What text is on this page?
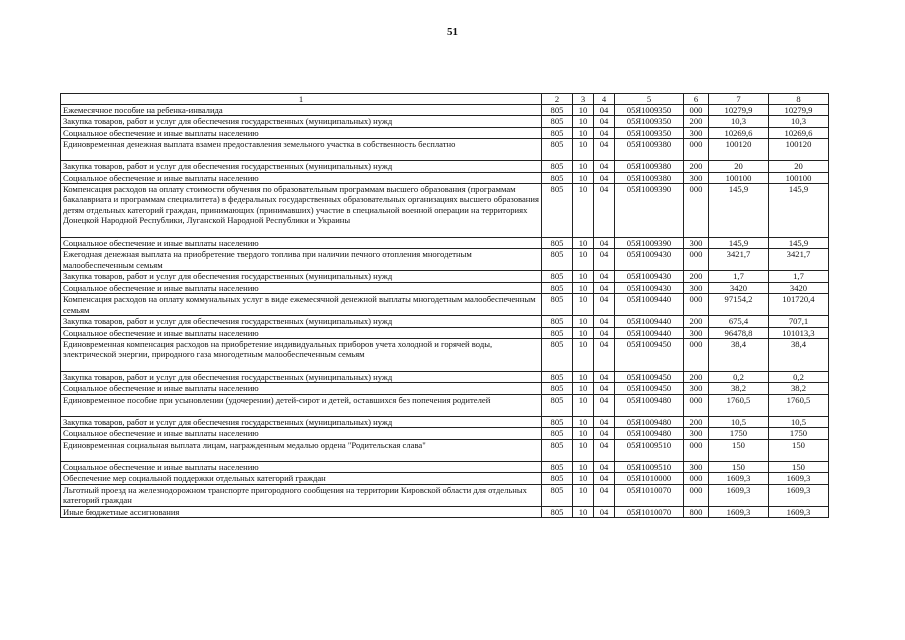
51
1	2	3	4	5	6	7	8
Ежемесячное пособие на ребенка-инвалида	805	10	04	05Я1009350	000	10279,9	10279,9
Закупка товаров, работ и услуг для обеспечения государственных (муниципальных) нужд	805	10	04	05Я1009350	200	10,3	10,3
Социальное обеспечение и иные выплаты населению	805	10	04	05Я1009350	300	10269,6	10269,6
Единовременная денежная выплата взамен предоставления земельного участка в собственность бесплатно	805	10	04	05Я1009380	000	100120	100120
Закупка товаров, работ и услуг для обеспечения государственных (муниципальных) нужд	805	10	04	05Я1009380	200	20	20
Социальное обеспечение и иные выплаты населению	805	10	04	05Я1009380	300	100100	100100
Компенсация расходов на оплату стоимости обучения по образовательным программам высшего образования (программам бакалавриата и программам специалитета) в федеральных государственных образовательных организациях высшего образования детям отдельных категорий граждан, принимающих (принимавших) участие в специальной военной операции на территориях Донецкой Народной Республики, Луганской Народной Республики и Украины	805	10	04	05Я1009390	000	145,9	145,9
Социальное обеспечение и иные выплаты населению	805	10	04	05Я1009390	300	145,9	145,9
Ежегодная денежная выплата на приобретение твердого топлива при наличии печного отопления многодетным малообеспеченным семьям	805	10	04	05Я1009430	000	3421,7	3421,7
Закупка товаров, работ и услуг для обеспечения государственных (муниципальных) нужд	805	10	04	05Я1009430	200	1,7	1,7
Социальное обеспечение и иные выплаты населению	805	10	04	05Я1009430	300	3420	3420
Компенсация расходов на оплату коммунальных услуг в виде ежемесячной денежной выплаты многодетным малообеспеченным семьям	805	10	04	05Я1009440	000	97154,2	101720,4
Закупка товаров, работ и услуг для обеспечения государственных (муниципальных) нужд	805	10	04	05Я1009440	200	675,4	707,1
Социальное обеспечение и иные выплаты населению	805	10	04	05Я1009440	300	96478,8	101013,3
Единовременная компенсация расходов на приобретение индивидуальных приборов учета холодной и горячей воды, электрической энергии, природного газа многодетным малообеспеченным семьям	805	10	04	05Я1009450	000	38,4	38,4
Закупка товаров, работ и услуг для обеспечения государственных (муниципальных) нужд	805	10	04	05Я1009450	200	0,2	0,2
Социальное обеспечение и иные выплаты населению	805	10	04	05Я1009450	300	38,2	38,2
Единовременное пособие при усыновлении (удочерении) детей-сирот и детей, оставшихся без попечения родителей	805	10	04	05Я1009480	000	1760,5	1760,5
Закупка товаров, работ и услуг для обеспечения государственных (муниципальных) нужд	805	10	04	05Я1009480	200	10,5	10,5
Социальное обеспечение и иные выплаты населению	805	10	04	05Я1009480	300	1750	1750
Единовременная социальная выплата лицам, награжденным медалью ордена "Родительская слава"	805	10	04	05Я1009510	000	150	150
Социальное обеспечение и иные выплаты населению	805	10	04	05Я1009510	300	150	150
Обеспечение мер социальной поддержки отдельных категорий граждан	805	10	04	05Я1010000	000	1609,3	1609,3
Льготный проезд на железнодорожном транспорте пригородного сообщения на территории Кировской области для отдельных категорий граждан	805	10	04	05Я1010070	000	1609,3	1609,3
Иные бюджетные ассигнования	805	10	04	05Я1010070	800	1609,3	1609,3
